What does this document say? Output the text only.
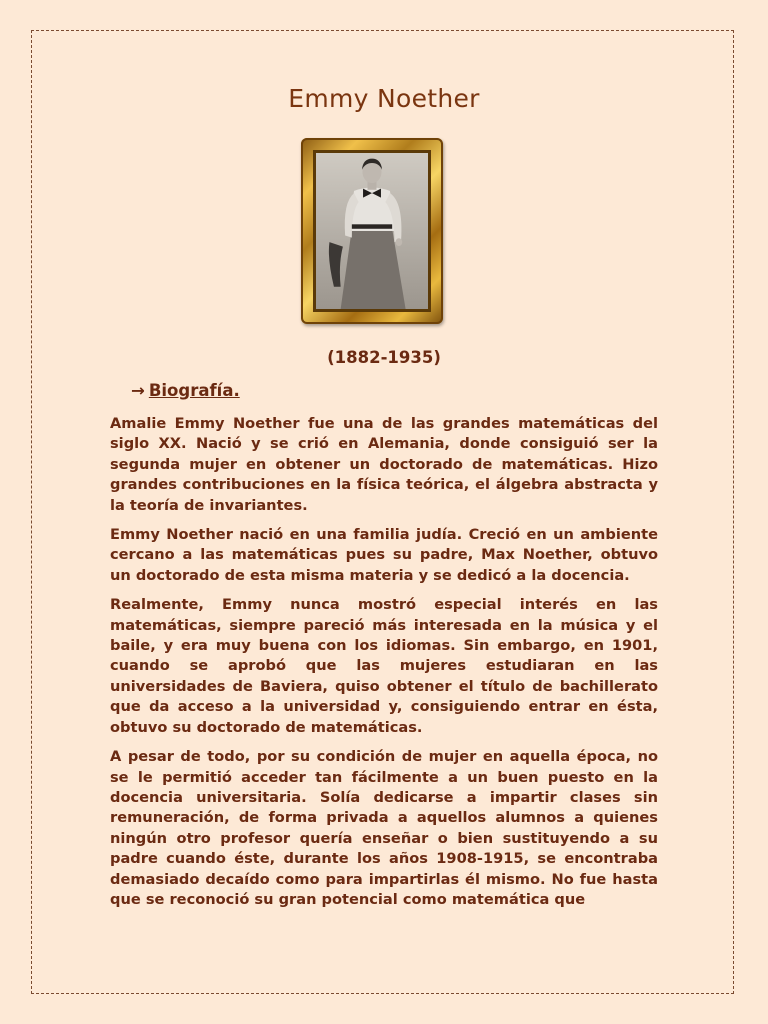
Emmy Noether
(1882-1935)
→ Biografía.

Amalie Emmy Noether fue una de las grandes matemáticas del siglo XX. Nació y se crió en Alemania, donde consiguió ser la segunda mujer en obtener un doctorado de matemáticas. Hizo grandes contribuciones en la física teórica, el álgebra abstracta y la teoría de invariantes.

Emmy Noether nació en una familia judía. Creció en un ambiente cercano a las matemáticas pues su padre, Max Noether, obtuvo un doctorado de esta misma materia y se dedicó a la docencia.

Realmente, Emmy nunca mostró especial interés en las matemáticas, siempre pareció más interesada en la música y el baile, y era muy buena con los idiomas. Sin embargo, en 1901, cuando se aprobó que las mujeres estudiaran en las universidades de Baviera, quiso obtener el título de bachillerato que da acceso a la universidad y, consiguiendo entrar en ésta, obtuvo su doctorado de matemáticas.

A pesar de todo, por su condición de mujer en aquella época, no se le permitió acceder tan fácilmente a un buen puesto en la docencia universitaria. Solía dedicarse a impartir clases sin remuneración, de forma privada a aquellos alumnos a quienes ningún otro profesor quería enseñar o bien sustituyendo a su padre cuando éste, durante los años 1908-1915, se encontraba demasiado decaído como para impartirlas él mismo. No fue hasta que se reconoció su gran potencial como matemática que
